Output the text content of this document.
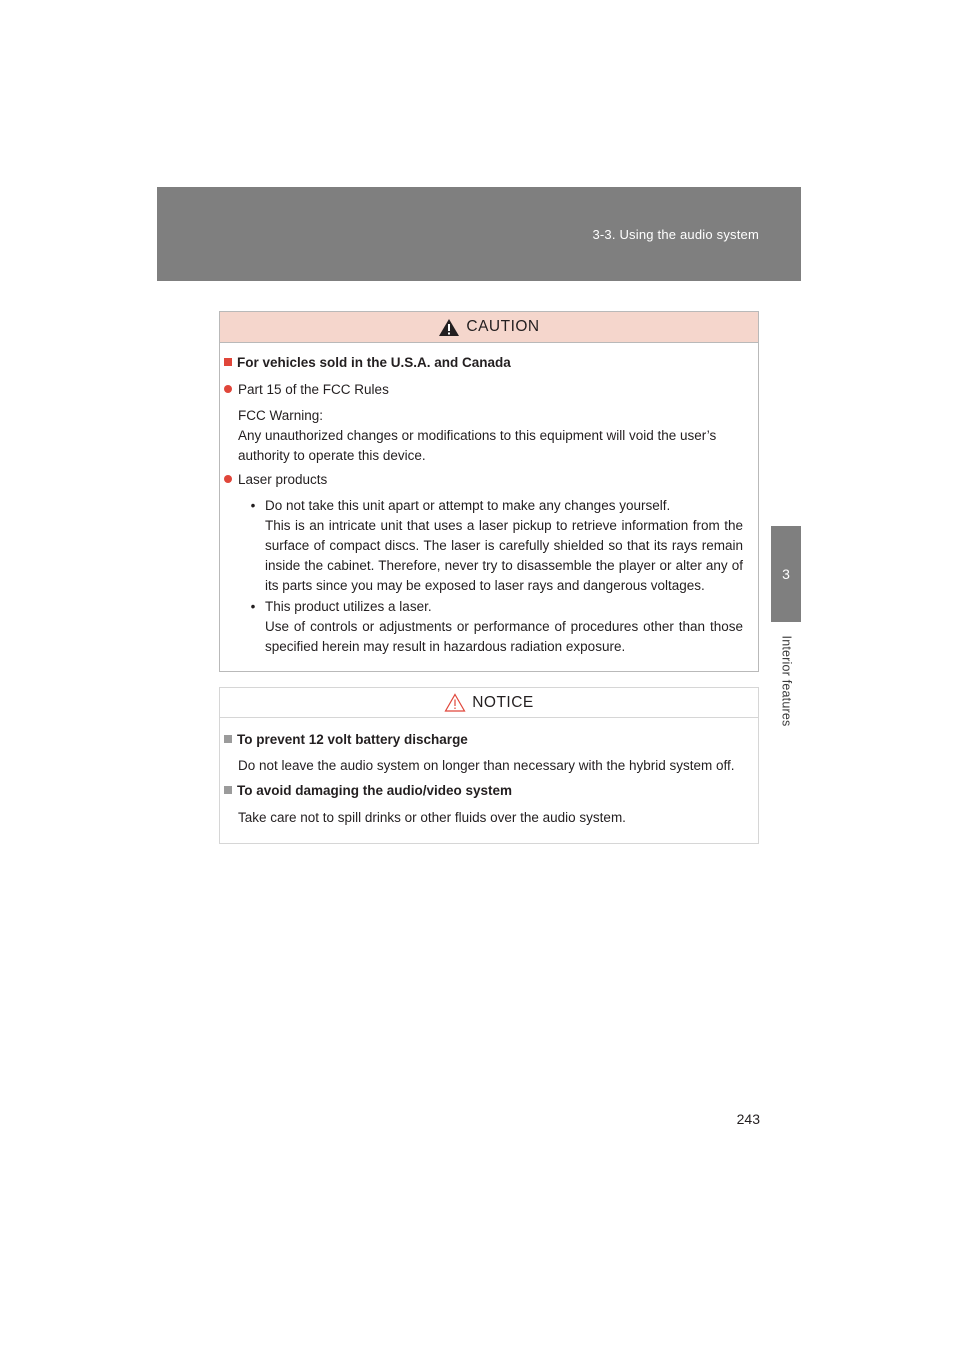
3-3. Using the audio system
3
Interior features
CAUTION
For vehicles sold in the U.S.A. and Canada
Part 15 of the FCC Rules
FCC Warning:
Any unauthorized changes or modifications to this equipment will void the user’s authority to operate this device.
Laser products
• Do not take this unit apart or attempt to make any changes yourself.
This is an intricate unit that uses a laser pickup to retrieve information from the surface of compact discs. The laser is carefully shielded so that its rays remain inside the cabinet. Therefore, never try to disassemble the player or alter any of its parts since you may be exposed to laser rays and dangerous voltages.
• This product utilizes a laser.
Use of controls or adjustments or performance of procedures other than those specified herein may result in hazardous radiation exposure.
NOTICE
To prevent 12 volt battery discharge
Do not leave the audio system on longer than necessary with the hybrid system off.
To avoid damaging the audio/video system
Take care not to spill drinks or other fluids over the audio system.
243
